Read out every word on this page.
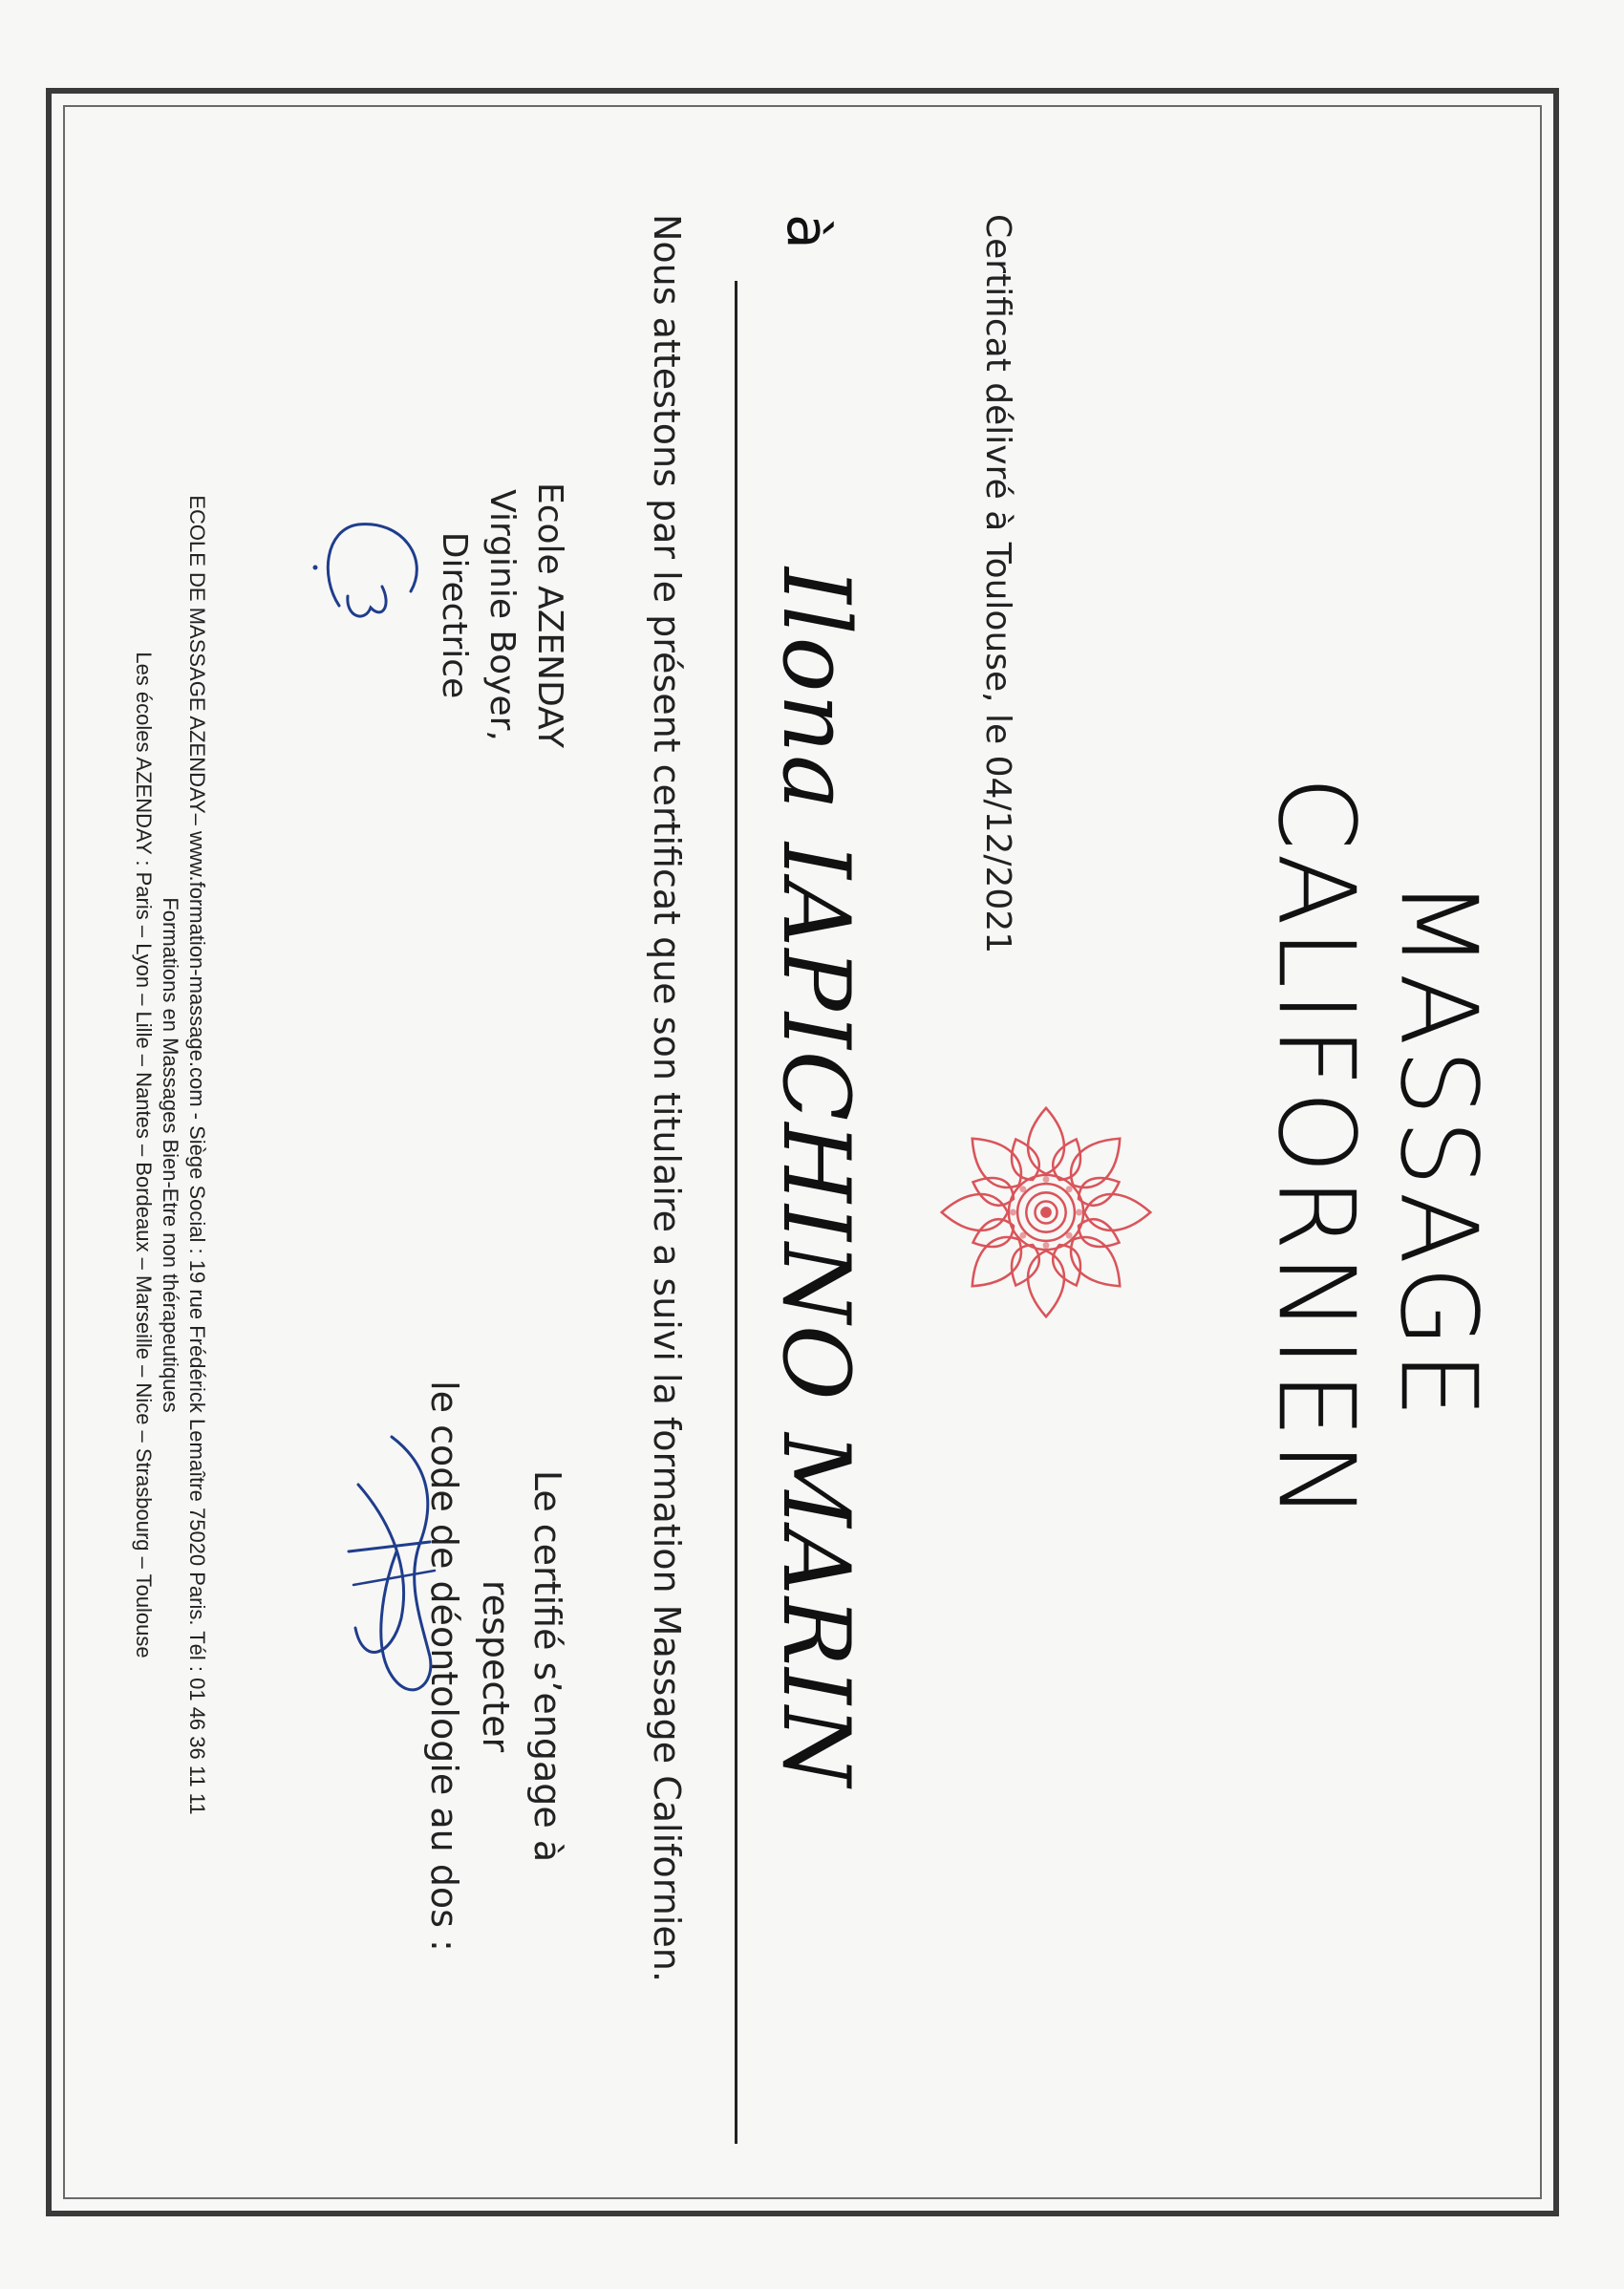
MASSAGE CALIFORNIEN
Certificat délivré à Toulouse, le 04/12/2021
à
Ilona IAPICHINO MARIN
Nous attestons par le présent certificat que son titulaire a suivi la formation Massage Californien.
Ecole AZENDAY
Virginie Boyer, Directrice
Le certifié s’engage à respecter
le code de déontologie au dos :
ECOLE DE MASSAGE AZENDAY– www.formation-massage.com - Siège Social : 19 rue Frédérick Lemaître 75020 Paris. Tél : 01 46 36 11 11
Formations en Massages Bien-Etre non thérapeutiques
Les écoles AZENDAY : Paris – Lyon – Lille – Nantes – Bordeaux – Marseille – Nice – Strasbourg – Toulouse
